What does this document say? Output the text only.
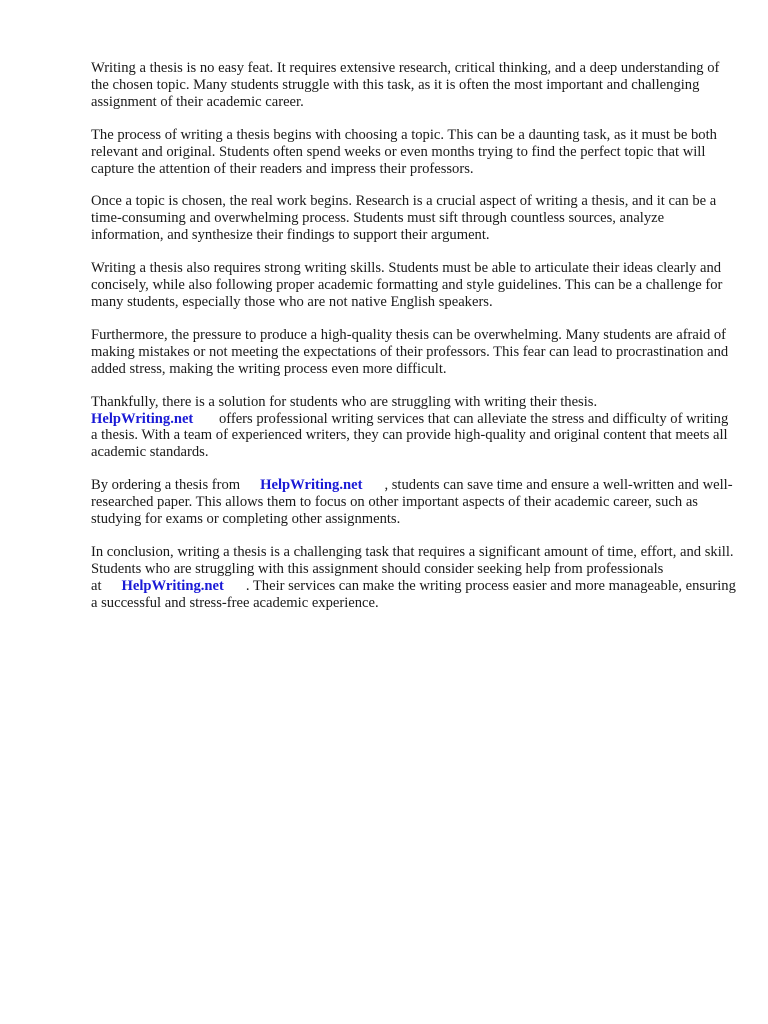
Writing a thesis is no easy feat. It requires extensive research, critical thinking, and a deep understanding of the chosen topic. Many students struggle with this task, as it is often the most important and challenging assignment of their academic career.

The process of writing a thesis begins with choosing a topic. This can be a daunting task, as it must be both relevant and original. Students often spend weeks or even months trying to find the perfect topic that will capture the attention of their readers and impress their professors.

Once a topic is chosen, the real work begins. Research is a crucial aspect of writing a thesis, and it can be a time-consuming and overwhelming process. Students must sift through countless sources, analyze information, and synthesize their findings to support their argument.

Writing a thesis also requires strong writing skills. Students must be able to articulate their ideas clearly and concisely, while also following proper academic formatting and style guidelines. This can be a challenge for many students, especially those who are not native English speakers.

Furthermore, the pressure to produce a high-quality thesis can be overwhelming. Many students are afraid of making mistakes or not meeting the expectations of their professors. This fear can lead to procrastination and added stress, making the writing process even more difficult.

Thankfully, there is a solution for students who are struggling with writing their thesis.
HelpWriting.net offers professional writing services that can alleviate the stress and difficulty of writing a thesis. With a team of experienced writers, they can provide high-quality and original content that meets all academic standards.

By ordering a thesis from HelpWriting.net , students can save time and ensure a well-written and well-researched paper. This allows them to focus on other important aspects of their academic career, such as studying for exams or completing other assignments.

In conclusion, writing a thesis is a challenging task that requires a significant amount of time, effort, and skill. Students who are struggling with this assignment should consider seeking help from professionals at HelpWriting.net . Their services can make the writing process easier and more manageable, ensuring a successful and stress-free academic experience.
